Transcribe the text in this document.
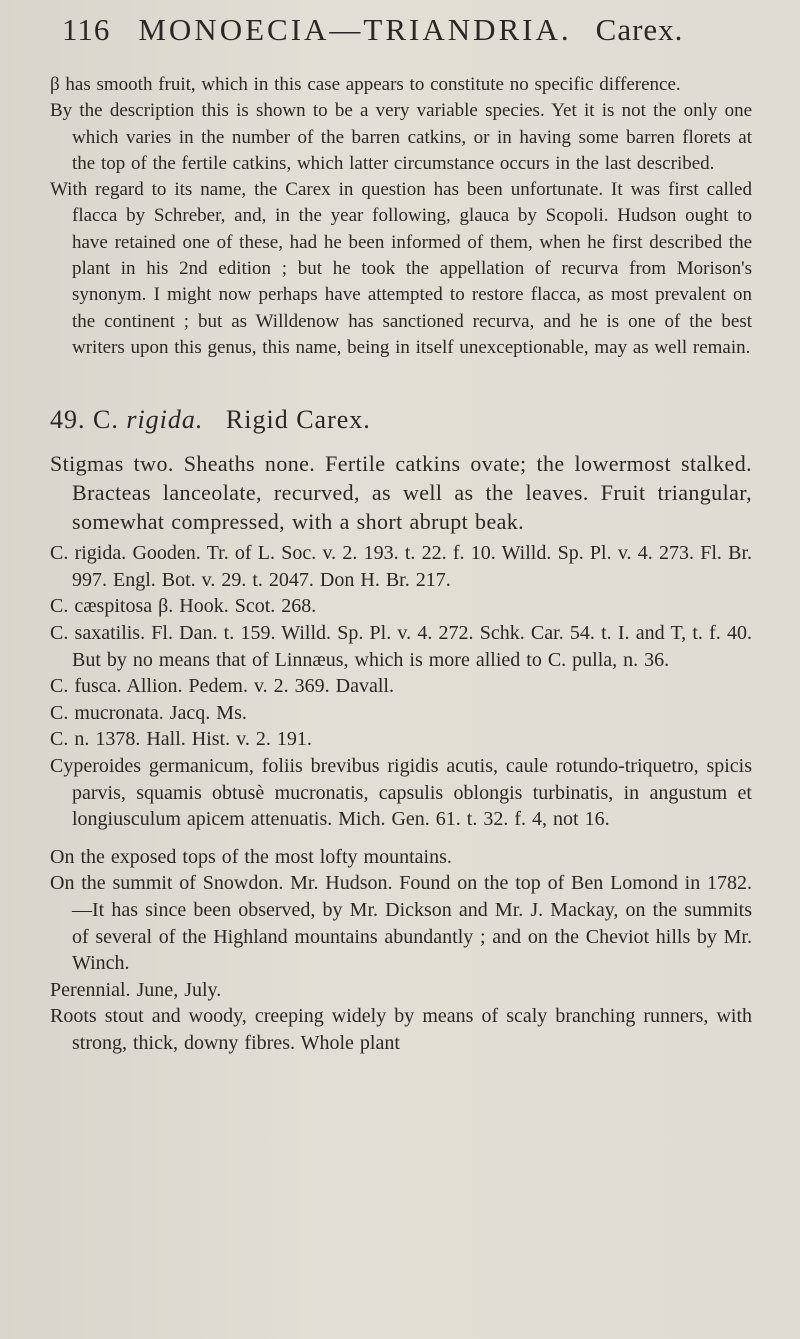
116 MONOECIA—TRIANDRIA. Carex.

β has smooth fruit, which in this case appears to constitute no specific difference.

By the description this is shown to be a very variable species. Yet it is not the only one which varies in the number of the barren catkins, or in having some barren florets at the top of the fertile catkins, which latter circumstance occurs in the last described.

With regard to its name, the Carex in question has been unfortunate. It was first called flacca by Schreber, and, in the year following, glauca by Scopoli. Hudson ought to have retained one of these, had he been informed of them, when he first described the plant in his 2nd edition ; but he took the appellation of recurva from Morison's synonym. I might now perhaps have attempted to restore flacca, as most prevalent on the continent ; but as Willdenow has sanctioned recurva, and he is one of the best writers upon this genus, this name, being in itself unexceptionable, may as well remain.

49. C. rigida. Rigid Carex.

Stigmas two. Sheaths none. Fertile catkins ovate; the lowermost stalked. Bracteas lanceolate, recurved, as well as the leaves. Fruit triangular, somewhat compressed, with a short abrupt beak.

C. rigida. Gooden. Tr. of L. Soc. v. 2. 193. t. 22. f. 10. Willd. Sp. Pl. v. 4. 273. Fl. Br. 997. Engl. Bot. v. 29. t. 2047. Don H. Br. 217.

C. cæspitosa β. Hook. Scot. 268.

C. saxatilis. Fl. Dan. t. 159. Willd. Sp. Pl. v. 4. 272. Schk. Car. 54. t. I. and T, t. f. 40. But by no means that of Linnæus, which is more allied to C. pulla, n. 36.

C. fusca. Allion. Pedem. v. 2. 369. Davall.

C. mucronata. Jacq. Ms.

C. n. 1378. Hall. Hist. v. 2. 191.

Cyperoides germanicum, foliis brevibus rigidis acutis, caule rotundo-triquetro, spicis parvis, squamis obtusè mucronatis, capsulis oblongis turbinatis, in angustum et longiusculum apicem attenuatis. Mich. Gen. 61. t. 32. f. 4, not 16.

On the exposed tops of the most lofty mountains.

On the summit of Snowdon. Mr. Hudson. Found on the top of Ben Lomond in 1782.—It has since been observed, by Mr. Dickson and Mr. J. Mackay, on the summits of several of the Highland mountains abundantly ; and on the Cheviot hills by Mr. Winch.

Perennial. June, July.

Roots stout and woody, creeping widely by means of scaly branching runners, with strong, thick, downy fibres. Whole plant
